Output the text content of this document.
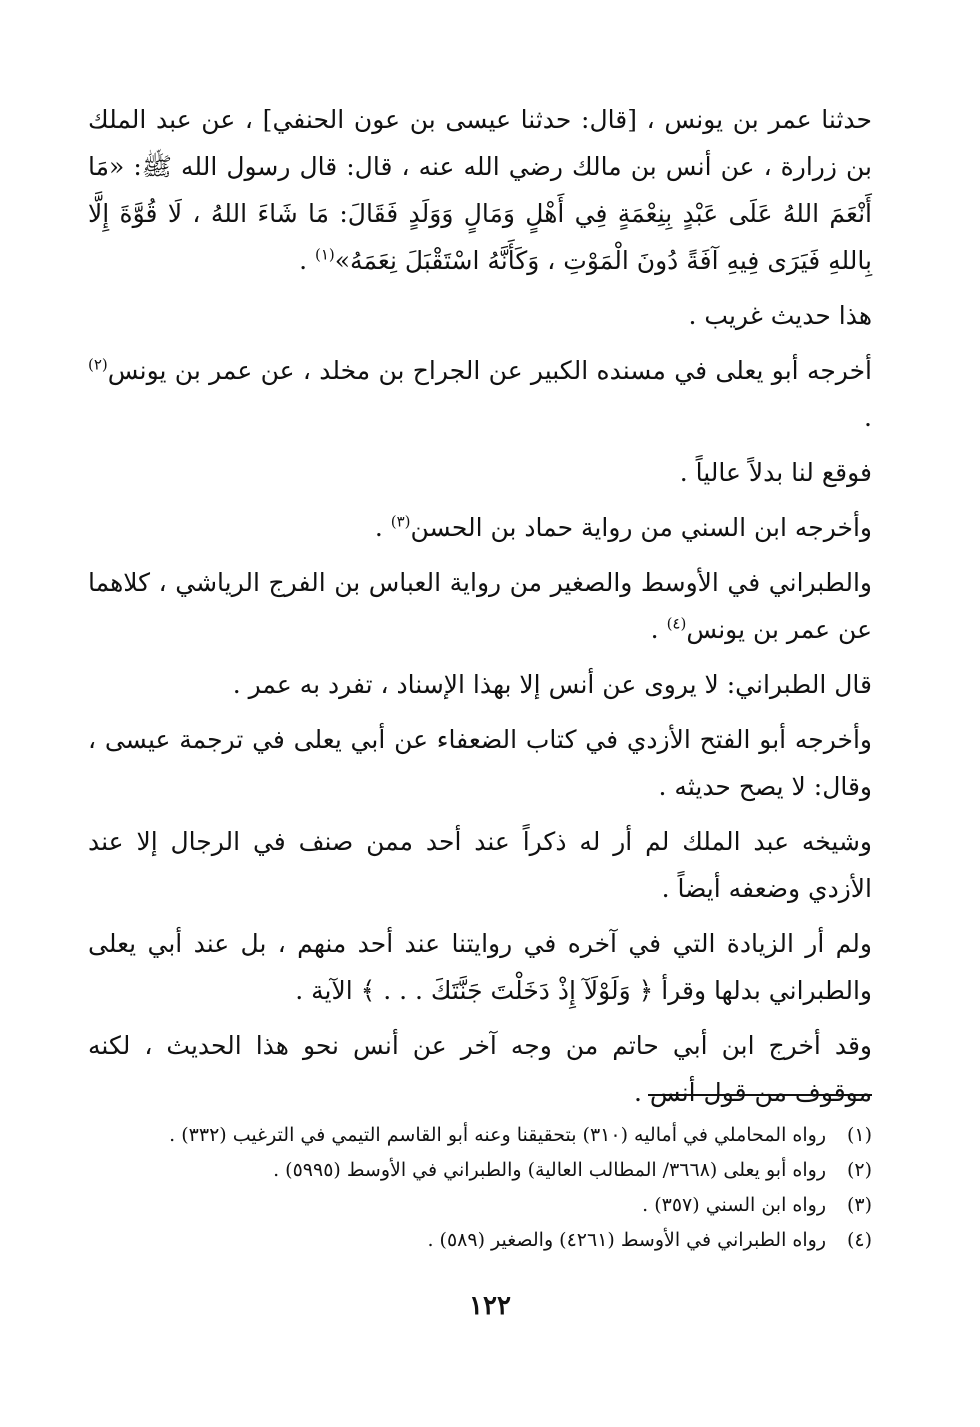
حدثنا عمر بن يونس ، [قال: حدثنا عيسى بن عون الحنفي] ، عن عبد الملك بن زرارة ، عن أنس بن مالك رضي الله عنه ، قال: قال رسول الله ﷺ: «مَا أَنْعَمَ اللهُ عَلَى عَبْدٍ بِنِعْمَةٍ فِي أَهْلٍ وَمَالٍ وَوَلَدٍ فَقَالَ: مَا شَاءَ اللهُ ، لَا قُوَّةَ إِلَّا بِاللهِ فَيَرَى فِيهِ آفَةً دُونَ الْمَوْتِ ، وَكَأَنَّهُ اسْتَقْبَلَ نِعَمَهُ»$^{(١)}$ .

هذا حديث غريب .

أخرجه أبو يعلى في مسنده الكبير عن الجراح بن مخلد ، عن عمر بن يونس$^{(٢)}$ .

فوقع لنا بدلاً عالياً .

وأخرجه ابن السني من رواية حماد بن الحسن$^{(٣)}$ .

والطبراني في الأوسط والصغير من رواية العباس بن الفرج الرياشي ، كلاهما عن عمر بن يونس$^{(٤)}$ .

قال الطبراني: لا يروى عن أنس إلا بهذا الإسناد ، تفرد به عمر .

وأخرجه أبو الفتح الأزدي في كتاب الضعفاء عن أبي يعلى في ترجمة عيسى ، وقال: لا يصح حديثه .

وشيخه عبد الملك لم أر له ذكراً عند أحد ممن صنف في الرجال إلا عند الأزدي وضعفه أيضاً .

ولم أر الزيادة التي في آخره في روايتنا عند أحد منهم ، بل عند أبي يعلى والطبراني بدلها وقرأ ﴿ وَلَوْلَآ إِذْ دَخَلْتَ جَنَّتَكَ . . . ﴾ الآية .

وقد أخرج ابن أبي حاتم من وجه آخر عن أنس نحو هذا الحديث ، لكنه موقوف من قول أنس .

(١)
رواه المحاملي في أماليه (٣١٠) بتحقيقنا وعنه أبو القاسم التيمي في الترغيب (٣٣٢) .
(٢)
رواه أبو يعلى (٣٦٦٨/ المطالب العالية) والطبراني في الأوسط (٥٩٩٥) .
(٣)
رواه ابن السني (٣٥٧) .
(٤)
رواه الطبراني في الأوسط (٤٢٦١) والصغير (٥٨٩) .
١٢٢
